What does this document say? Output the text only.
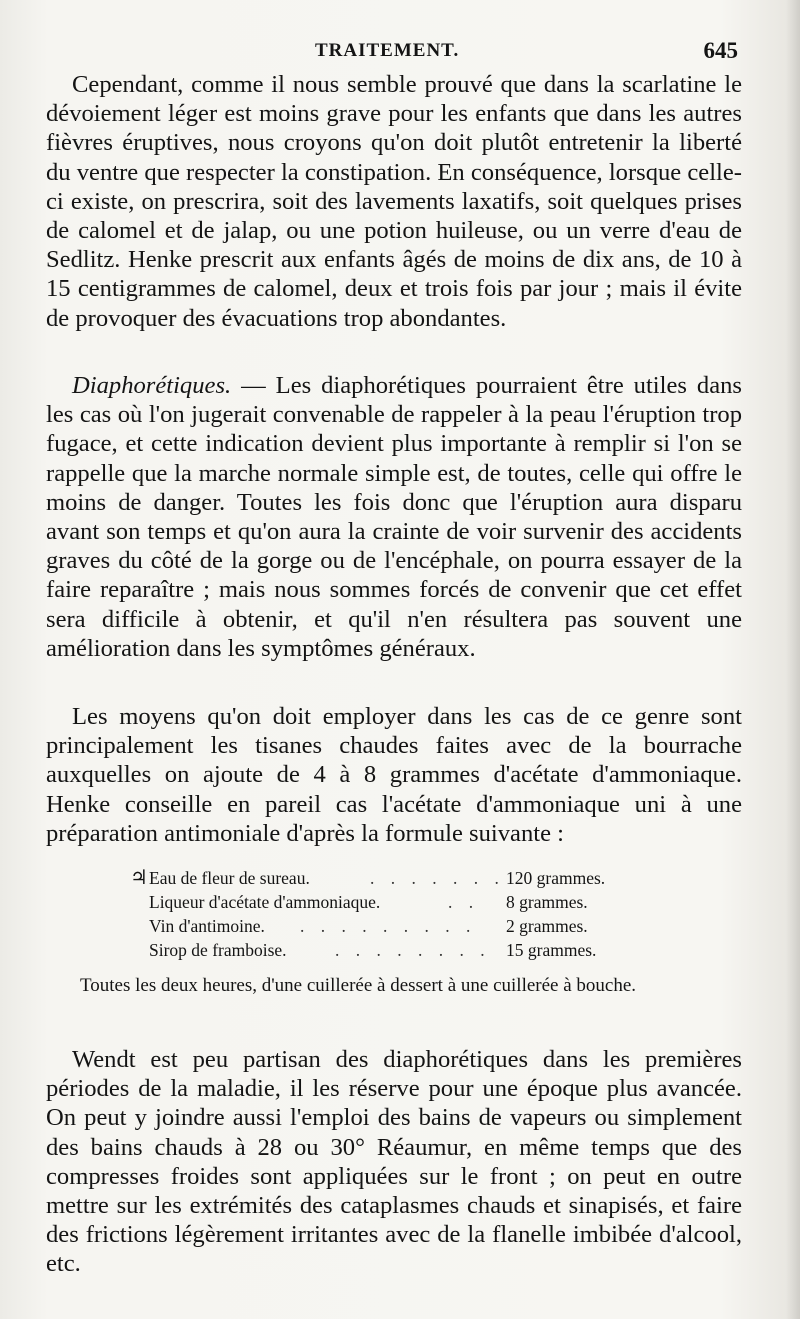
TRAITEMENT.	645

Cependant, comme il nous semble prouvé que dans la scarlatine le dévoiement léger est moins grave pour les enfants que dans les autres fièvres éruptives, nous croyons qu'on doit plutôt entretenir la liberté du ventre que respecter la constipation. En conséquence, lorsque celle-ci existe, on prescrira, soit des lavements laxatifs, soit quelques prises de calomel et de jalap, ou une potion huileuse, ou un verre d'eau de Sedlitz. Henke prescrit aux enfants âgés de moins de dix ans, de 10 à 15 centigrammes de calomel, deux et trois fois par jour ; mais il évite de provoquer des évacuations trop abondantes.

Diaphorétiques. — Les diaphorétiques pourraient être utiles dans les cas où l'on jugerait convenable de rappeler à la peau l'éruption trop fugace, et cette indication devient plus importante à remplir si l'on se rappelle que la marche normale simple est, de toutes, celle qui offre le moins de danger. Toutes les fois donc que l'éruption aura disparu avant son temps et qu'on aura la crainte de voir survenir des accidents graves du côté de la gorge ou de l'encéphale, on pourra essayer de la faire reparaître ; mais nous sommes forcés de convenir que cet effet sera difficile à obtenir, et qu'il n'en résultera pas souvent une amélioration dans les symptômes généraux.

Les moyens qu'on doit employer dans les cas de ce genre sont principalement les tisanes chaudes faites avec de la bourrache auxquelles on ajoute de 4 à 8 grammes d'acétate d'ammoniaque. Henke conseille en pareil cas l'acétate d'ammoniaque uni à une préparation antimoniale d'après la formule suivante :

♃ Eau de fleur de sureau.	. . . . . . . 120 grammes.
Liqueur d'acétate d'ammoniaque.	. . 8 grammes.
Vin d'antimoine. . . . . . . . . . 2 grammes.
Sirop de framboise.	. . . . . . . . 15 grammes.
Toutes les deux heures, d'une cuillerée à dessert à une cuillerée à bouche.

Wendt est peu partisan des diaphorétiques dans les premières périodes de la maladie, il les réserve pour une époque plus avancée. On peut y joindre aussi l'emploi des bains de vapeurs ou simplement des bains chauds à 28 ou 30° Réaumur, en même temps que des compresses froides sont appliquées sur le front ; on peut en outre mettre sur les extrémités des cataplasmes chauds et sinapisés, et faire des frictions légèrement irritantes avec de la flanelle imbibée d'alcool, etc.
